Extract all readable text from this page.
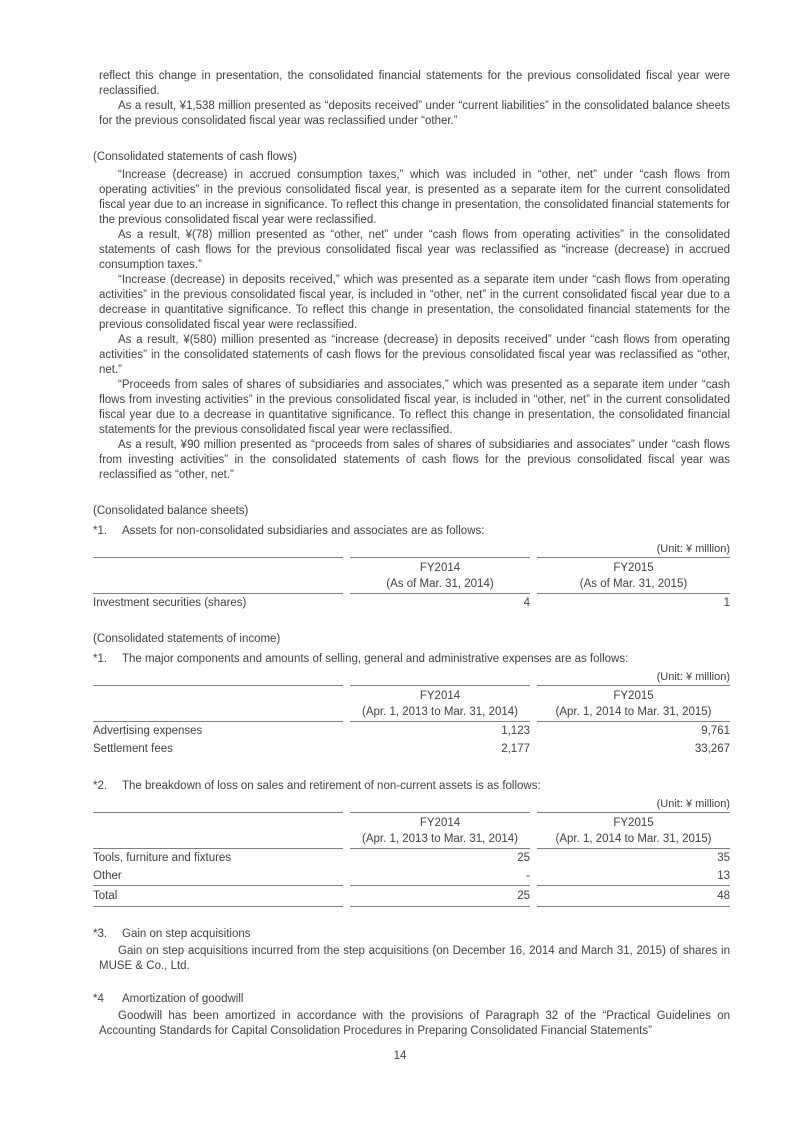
reflect this change in presentation, the consolidated financial statements for the previous consolidated fiscal year were reclassified.

As a result, ¥1,538 million presented as “deposits received” under “current liabilities” in the consolidated balance sheets for the previous consolidated fiscal year was reclassified under “other.”

(Consolidated statements of cash flows)

“Increase (decrease) in accrued consumption taxes,” which was included in “other, net” under “cash flows from operating activities” in the previous consolidated fiscal year, is presented as a separate item for the current consolidated fiscal year due to an increase in significance. To reflect this change in presentation, the consolidated financial statements for the previous consolidated fiscal year were reclassified.

As a result, ¥(78) million presented as “other, net” under “cash flows from operating activities” in the consolidated statements of cash flows for the previous consolidated fiscal year was reclassified as “increase (decrease) in accrued consumption taxes.”

“Increase (decrease) in deposits received,” which was presented as a separate item under “cash flows from operating activities” in the previous consolidated fiscal year, is included in “other, net” in the current consolidated fiscal year due to a decrease in quantitative significance. To reflect this change in presentation, the consolidated financial statements for the previous consolidated fiscal year were reclassified.

As a result, ¥(580) million presented as “increase (decrease) in deposits received” under “cash flows from operating activities” in the consolidated statements of cash flows for the previous consolidated fiscal year was reclassified as “other, net.”

“Proceeds from sales of shares of subsidiaries and associates,” which was presented as a separate item under “cash flows from investing activities” in the previous consolidated fiscal year, is included in “other, net” in the current consolidated fiscal year due to a decrease in quantitative significance. To reflect this change in presentation, the consolidated financial statements for the previous consolidated fiscal year were reclassified.

As a result, ¥90 million presented as “proceeds from sales of shares of subsidiaries and associates” under “cash flows from investing activities” in the consolidated statements of cash flows for the previous consolidated fiscal year was reclassified as “other, net.”

(Consolidated balance sheets)

*1.	Assets for non-consolidated subsidiaries and associates are as follows:
(Unit: ¥ million)
	FY2014	FY2015
	(As of Mar. 31, 2014)	(As of Mar. 31, 2015)
Investment securities (shares)	4	1

(Consolidated statements of income)

*1.	The major components and amounts of selling, general and administrative expenses are as follows:
(Unit: ¥ million)
	FY2014	FY2015
	(Apr. 1, 2013 to Mar. 31, 2014)	(Apr. 1, 2014 to Mar. 31, 2015)
Advertising expenses	1,123	9,761
Settlement fees	2,177	33,267
*2.	The breakdown of loss on sales and retirement of non-current assets is as follows:
(Unit: ¥ million)
	FY2014	FY2015
	(Apr. 1, 2013 to Mar. 31, 2014)	(Apr. 1, 2014 to Mar. 31, 2015)
Tools, furniture and fixtures	25	35
Other	-	13
Total	25	48
*3.	Gain on step acquisitions

Gain on step acquisitions incurred from the step acquisitions (on December 16, 2014 and March 31, 2015) of shares in MUSE & Co., Ltd.

*4	Amortization of goodwill

Goodwill has been amortized in accordance with the provisions of Paragraph 32 of the “Practical Guidelines on Accounting Standards for Capital Consolidation Procedures in Preparing Consolidated Financial Statements”

14
